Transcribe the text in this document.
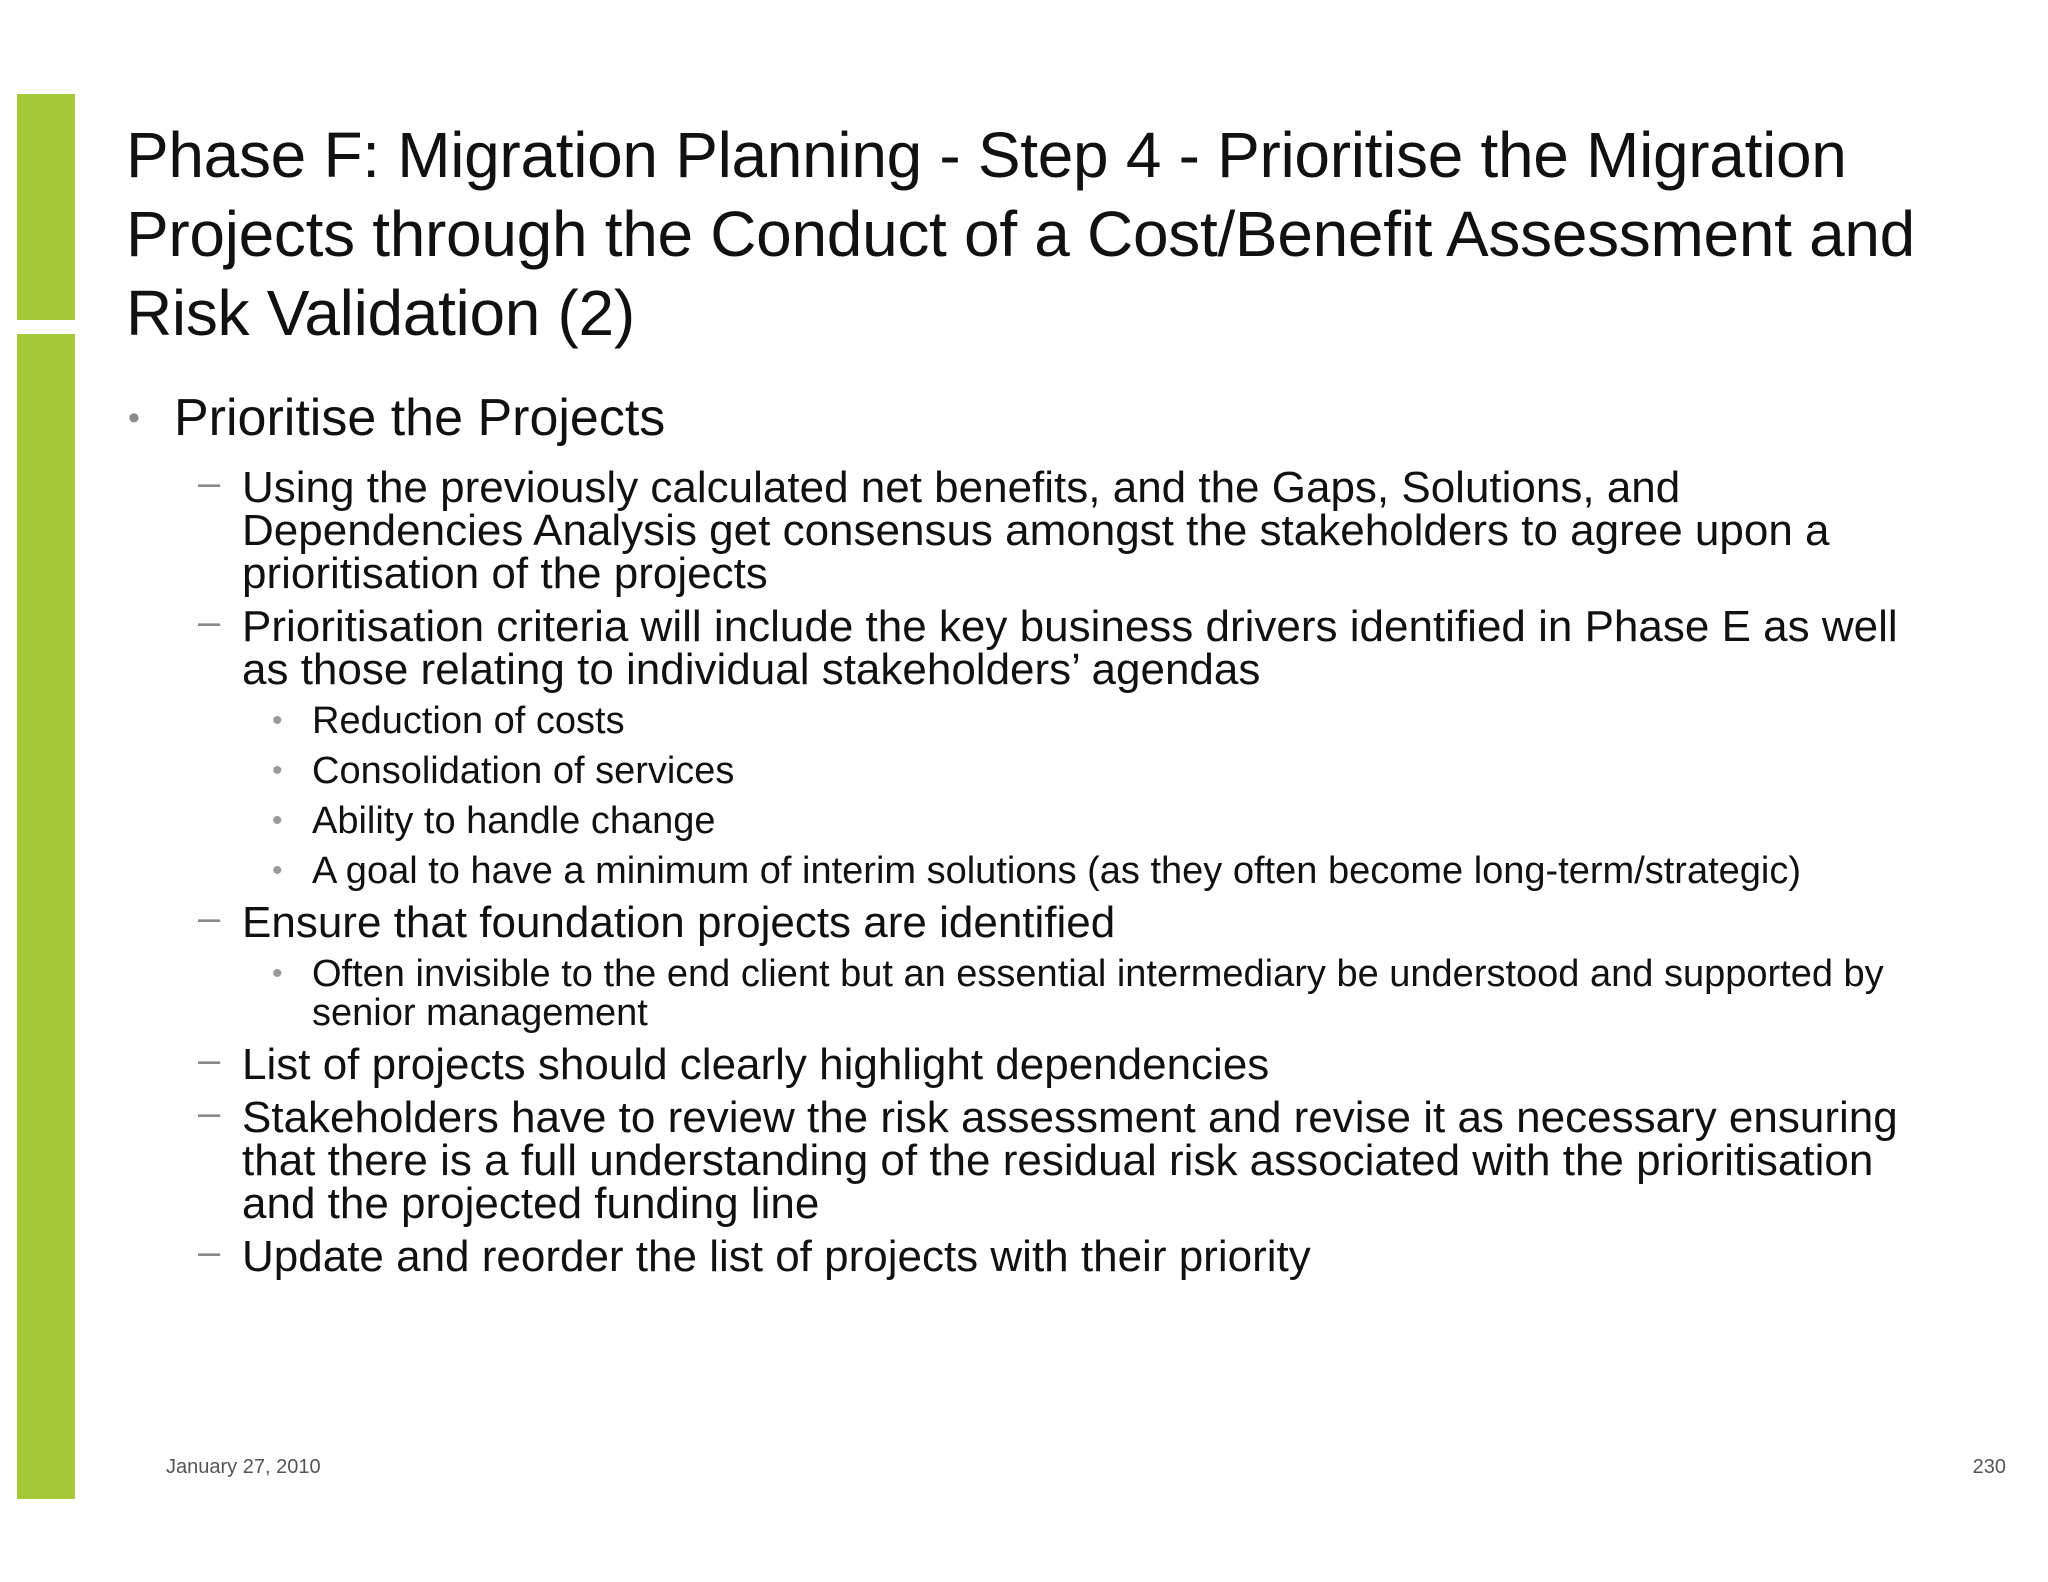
Phase F: Migration Planning - Step 4 - Prioritise the Migration Projects through the Conduct of a Cost/Benefit Assessment and Risk Validation (2)
• Prioritise the Projects
– Using the previously calculated net benefits, and the Gaps, Solutions, and Dependencies Analysis get consensus amongst the stakeholders to agree upon a prioritisation of the projects
– Prioritisation criteria will include the key business drivers identified in Phase E as well as those relating to individual stakeholders’ agendas
• Reduction of costs
• Consolidation of services
• Ability to handle change
• A goal to have a minimum of interim solutions (as they often become long-term/strategic)
– Ensure that foundation projects are identified
• Often invisible to the end client but an essential intermediary be understood and supported by senior management
– List of projects should clearly highlight dependencies
– Stakeholders have to review the risk assessment and revise it as necessary ensuring that there is a full understanding of the residual risk associated with the prioritisation and the projected funding line
– Update and reorder the list of projects with their priority
January 27, 2010	230
